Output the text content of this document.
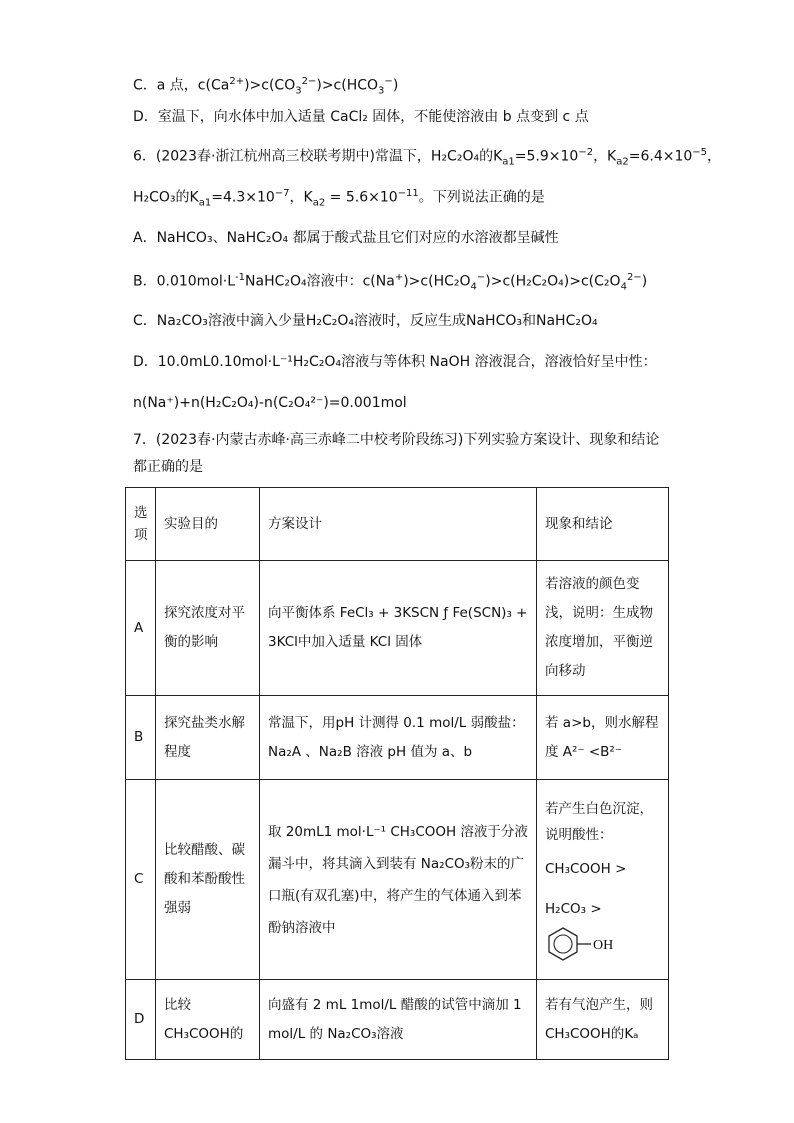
C．a 点，$c(Ca^{2+})>c(CO_3^{2-})>c(HCO_3^-)$
D．室温下，向水体中加入适量 CaCl₂ 固体，不能使溶液由 b 点变到 c 点
6．(2023春·浙江杭州高三校联考期中)常温下，H₂C₂O₄的$K_{a1}=5.9\times 10^{-2}$，$K_{a2}=6.4\times 10^{-5}$，
H₂CO₃的$K_{a1}=4.3\times 10^{-7}$，$K_{a2} = 5.6\times 10^{-11}$。下列说法正确的是
A．NaHCO₃、NaHC₂O₄ 都属于酸式盐且它们对应的水溶液都呈碱性
B．$0.010mol\cdot L^{-1}NaHC_2O_4$溶液中：$c(Na^+)>c(HC_2O_4^-)>c(H_2C_2O_4)>c(C_2O_4^{2-})$
C．Na₂CO₃溶液中滴入少量H₂C₂O₄溶液时，反应生成NaHCO₃和NaHC₂O₄
D．10.0mL0.10mol·L⁻¹H₂C₂O₄溶液与等体积 NaOH 溶液混合，溶液恰好呈中性：
n(Na⁺)+n(H₂C₂O₄)-n(C₂O₄²⁻)=0.001mol
7．(2023春·内蒙古赤峰·高三赤峰二中校考阶段练习)下列实验方案设计、现象和结论
都正确的是
选项	实验目的	方案设计	现象和结论
A	探究浓度对平衡的影响	向平衡体系 FeCl₃ + 3KSCN ƒ Fe(SCN)₃ + 3KCl中加入适量 KCl 固体	若溶液的颜色变浅，说明：生成物浓度增加，平衡逆向移动
B	探究盐类水解程度	常温下，用pH 计测得 0.1 mol/L 弱酸盐：Na₂A 、Na₂B 溶液 pH 值为 a、b	若 a>b，则水解程度 A²⁻ <B²⁻
C	比较醋酸、碳酸和苯酚酸性强弱	取 20mL1 mol·L⁻¹ CH₃COOH 溶液于分液漏斗中，将其滴入到装有 Na₂CO₃粉末的广口瓶(有双孔塞)中，将产生的气体通入到苯酚钠溶液中	若产生白色沉淀，说明酸性：
CH₃COOH >
H₂CO₃ >
OH

D	比较 CH₃COOH的	向盛有 2 mL 1mol/L 醋酸的试管中滴加 1 mol/L 的 Na₂CO₃溶液	若有气泡产生，则 CH₃COOH的Kₐ
